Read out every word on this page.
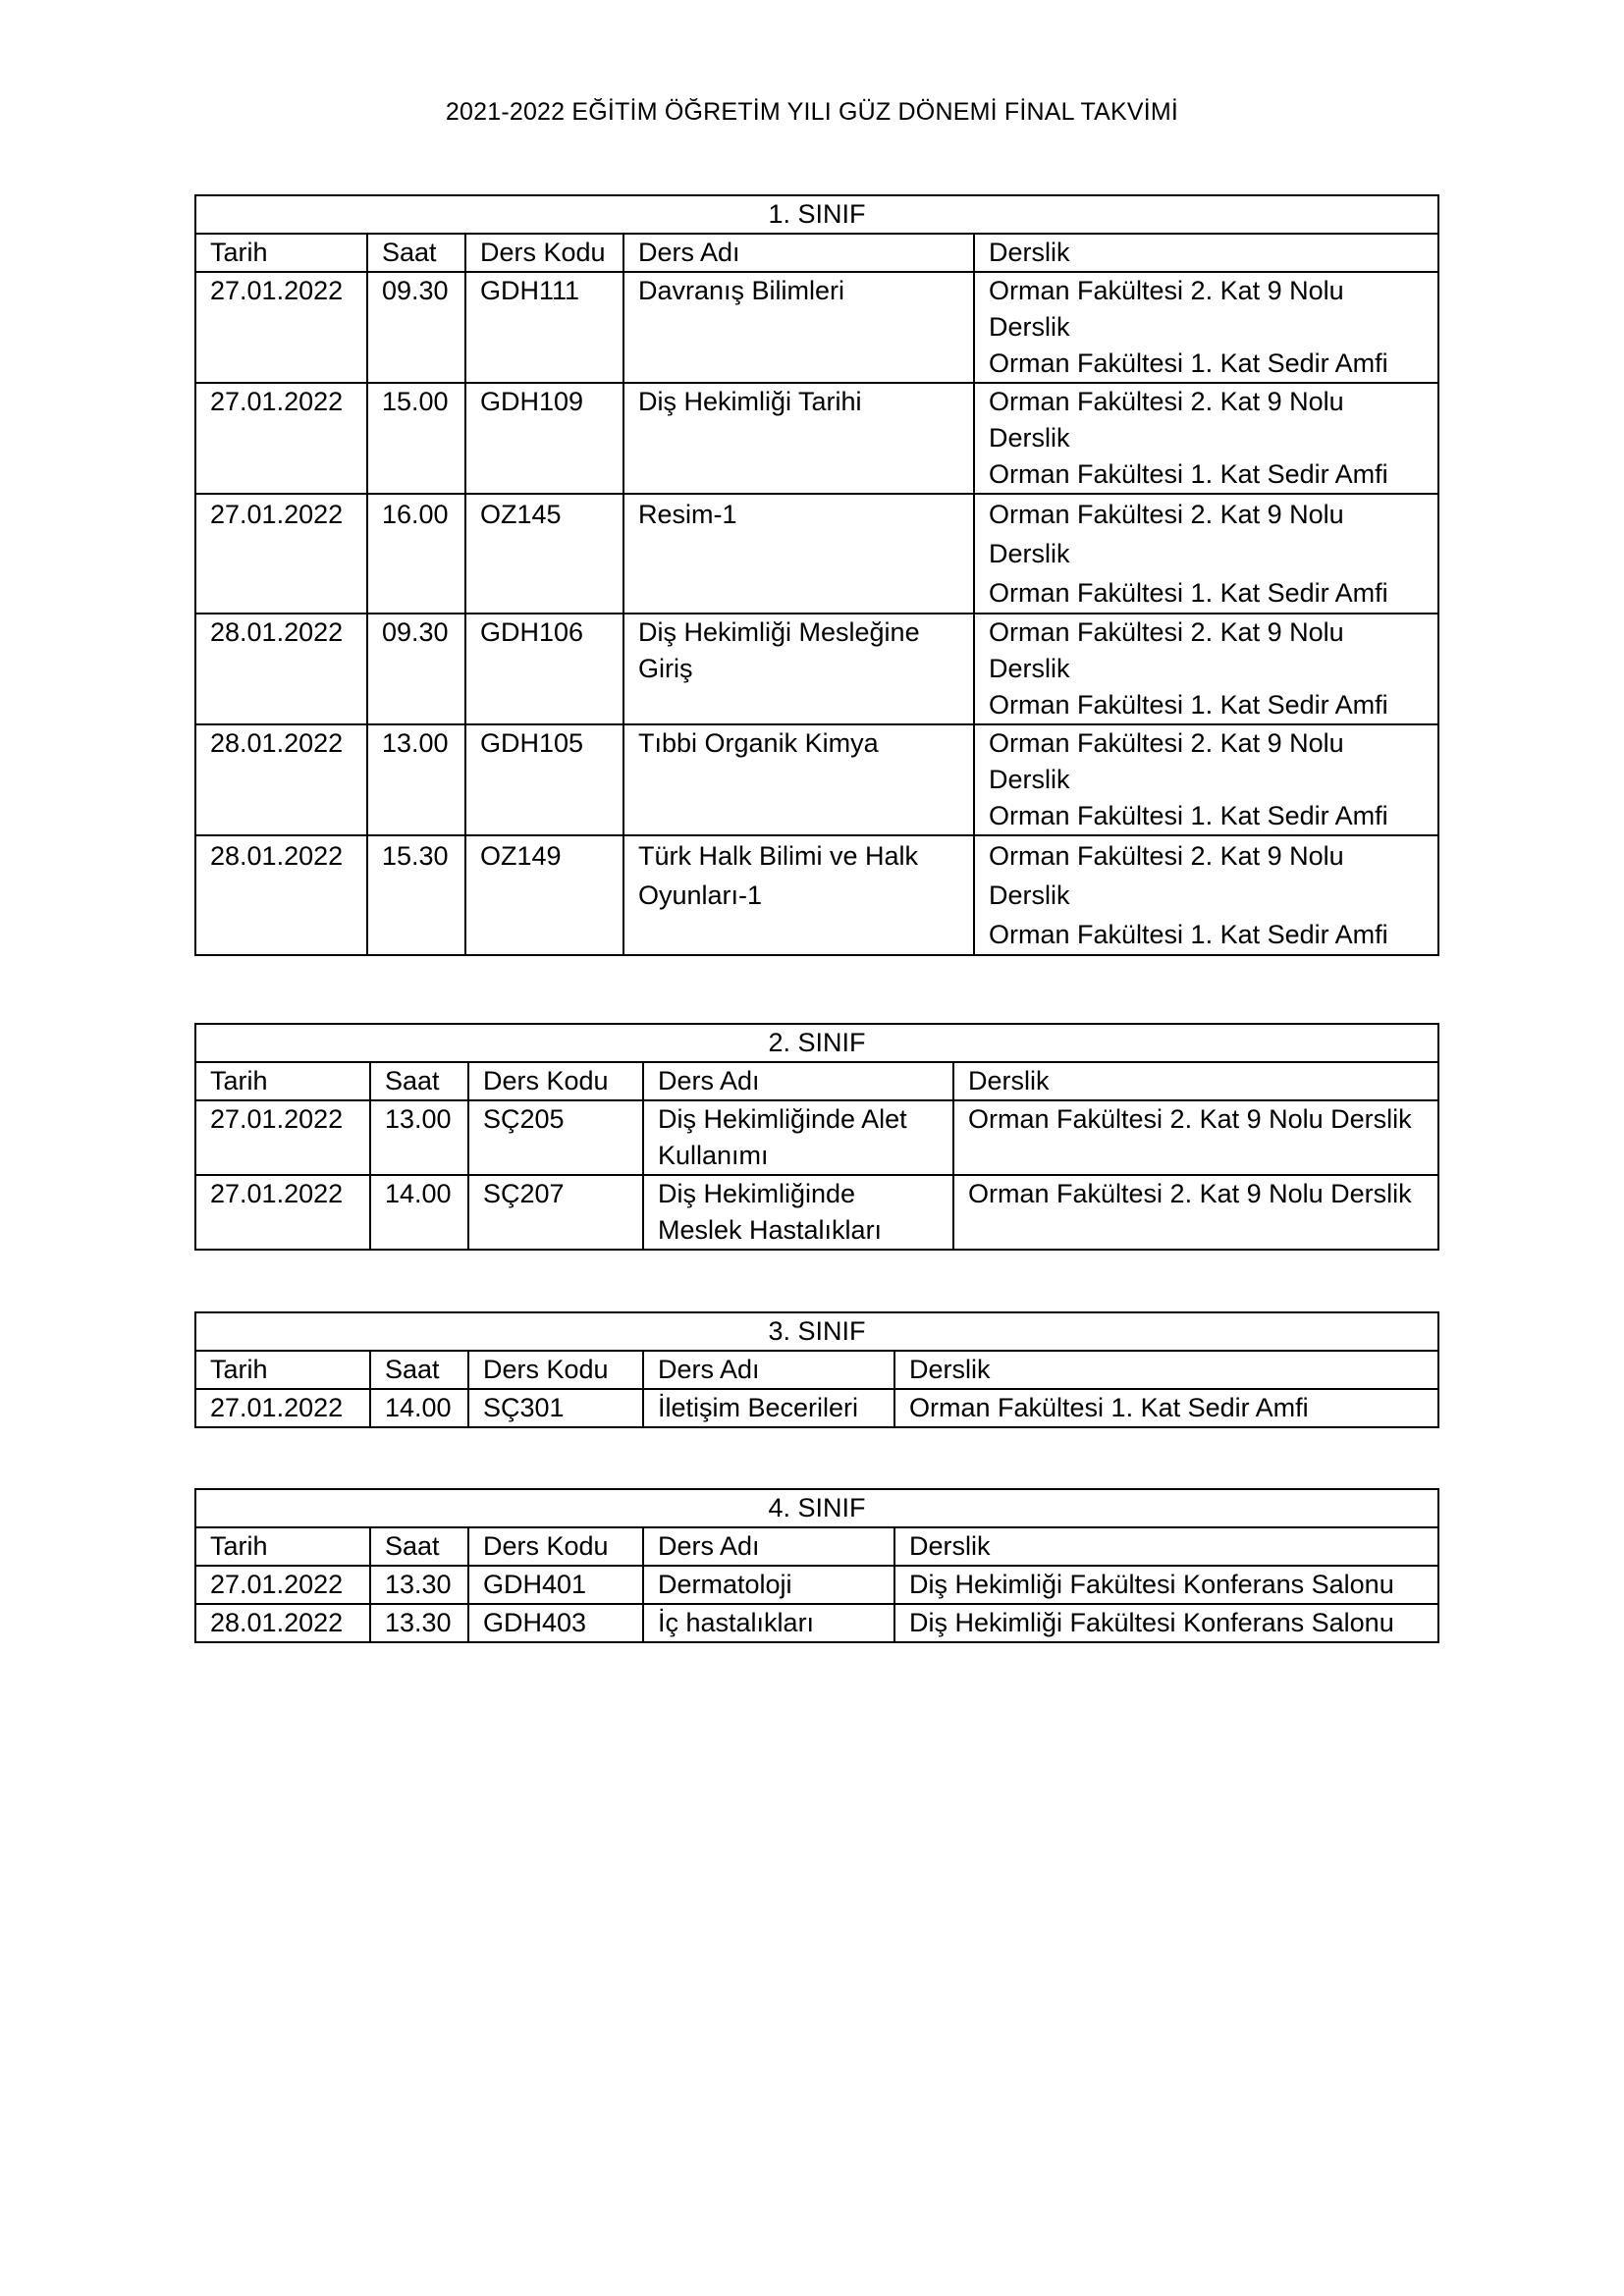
2021-2022 EĞİTİM ÖĞRETİM YILI GÜZ DÖNEMİ FİNAL TAKVİMİ
1. SINIF				
Tarih	Saat	Ders Kodu	Ders Adı	Derslik
27.01.2022	09.30	GDH111	Davranış Bilimleri	Orman Fakültesi 2. Kat 9 Nolu
Derslik
Orman Fakültesi 1. Kat Sedir Amfi
27.01.2022	15.00	GDH109	Diş Hekimliği Tarihi	Orman Fakültesi 2. Kat 9 Nolu
Derslik
Orman Fakültesi 1. Kat Sedir Amfi
27.01.2022	16.00	OZ145	Resim-1	Orman Fakültesi 2. Kat 9 Nolu
Derslik
Orman Fakültesi 1. Kat Sedir Amfi
28.01.2022	09.30	GDH106	Diş Hekimliği Mesleğine
Giriş	Orman Fakültesi 2. Kat 9 Nolu
Derslik
Orman Fakültesi 1. Kat Sedir Amfi
28.01.2022	13.00	GDH105	Tıbbi Organik Kimya	Orman Fakültesi 2. Kat 9 Nolu
Derslik
Orman Fakültesi 1. Kat Sedir Amfi
28.01.2022	15.30	OZ149	Türk Halk Bilimi ve Halk
Oyunları-1	Orman Fakültesi 2. Kat 9 Nolu
Derslik
Orman Fakültesi 1. Kat Sedir Amfi
2. SINIF				
Tarih	Saat	Ders Kodu	Ders Adı	Derslik
27.01.2022	13.00	SÇ205	Diş Hekimliğinde Alet
Kullanımı	Orman Fakültesi 2. Kat 9 Nolu Derslik
27.01.2022	14.00	SÇ207	Diş Hekimliğinde
Meslek Hastalıkları	Orman Fakültesi 2. Kat 9 Nolu Derslik
3. SINIF				
Tarih	Saat	Ders Kodu	Ders Adı	Derslik
27.01.2022	14.00	SÇ301	İletişim Becerileri	Orman Fakültesi 1. Kat Sedir Amfi
4. SINIF				
Tarih	Saat	Ders Kodu	Ders Adı	Derslik
27.01.2022	13.30	GDH401	Dermatoloji	Diş Hekimliği Fakültesi Konferans Salonu
28.01.2022	13.30	GDH403	İç hastalıkları	Diş Hekimliği Fakültesi Konferans Salonu
